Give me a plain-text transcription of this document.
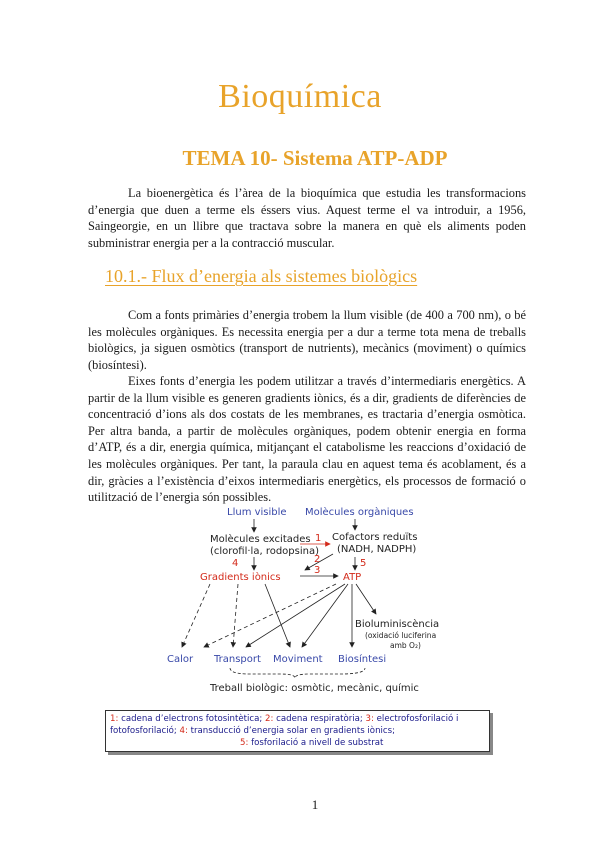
Bioquímica
TEMA 10- Sistema ATP-ADP

La bioenergètica és l’àrea de la bioquímica que estudia les transformacions d’energia que duen a terme els éssers vius. Aquest terme el va introduir, a 1956, Saingeorgie, en un llibre que tractava sobre la manera en què els aliments poden subministrar energia per a la contracció muscular.

10.1.- Flux d’energia als sistemes biològics

Com a fonts primàries d’energia trobem la llum visible (de 400 a 700 nm), o bé les molècules orgàniques. Es necessita energia per a dur a terme tota mena de treballs biològics, ja siguen osmòtics (transport de nutrients), mecànics (moviment) o químics (biosíntesi).

Eixes fonts d’energia les podem utilitzar a través d’intermediaris energètics. A partir de la llum visible es generen gradients iònics, és a dir, gradients de diferències de concentració d’ions als dos costats de les membranes, es tractaria d’energia osmòtica. Per altra banda, a partir de molècules orgàniques, podem obtenir energia en forma d’ATP, és a dir, energia química, mitjançant el catabolisme les reaccions d’oxidació de les molècules orgàniques. Per tant, la paraula clau en aquest tema és acoblament, és a dir, gràcies a l’existència d’eixos intermediaris energètics, els processos de formació o utilització de l’energia són possibles.

Llum visible Molècules orgàniques
Molècules excitades
(clorofil·la, rodopsina)
Cofactors reduïts
(NADH, NADPH)
1
2
4	5
Gradients iònics	ATP
3
Bioluminiscència
(oxidació luciferina
amb O₂)
Calor Transport Moviment Biosíntesi
Treball biològic: osmòtic, mecànic, químic
1: cadena d’electrons fotosintètica; 2: cadena respiratòria; 3: electrofosforilació i fotofosforilació; 4: transducció d’energia solar en gradients iònics;
5: fosforilació a nivell de substrat
1
